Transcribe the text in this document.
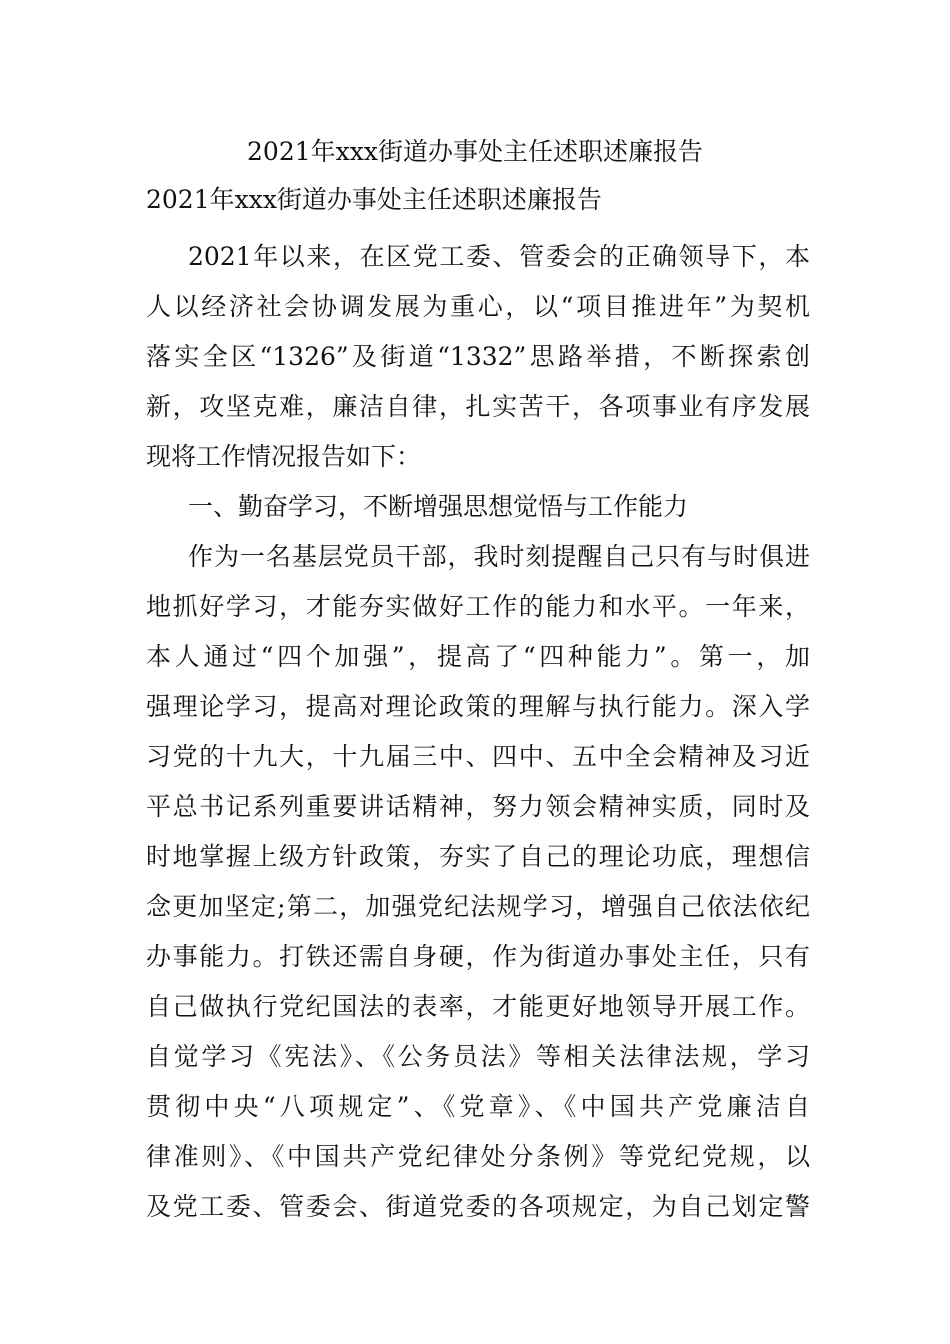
2021年xxx街道办事处主任述职述廉报告
2021年xxx街道办事处主任述职述廉报告
2021年以来，在区党工委、管委会的正确领导下，本
人以经济社会协调发展为重心，以“项目推进年”为契机
落实全区“1326”及街道“1332”思路举措，不断探索创
新，攻坚克难，廉洁自律，扎实苦干，各项事业有序发展
现将工作情况报告如下：
一、勤奋学习，不断增强思想觉悟与工作能力
作为一名基层党员干部，我时刻提醒自己只有与时俱进
地抓好学习，才能夯实做好工作的能力和水平。一年来，
本人通过“四个加强”，提高了“四种能力”。第一，加
强理论学习，提高对理论政策的理解与执行能力。深入学
习党的十九大，十九届三中、四中、五中全会精神及习近
平总书记系列重要讲话精神，努力领会精神实质，同时及
时地掌握上级方针政策，夯实了自己的理论功底，理想信
念更加坚定;第二，加强党纪法规学习，增强自己依法依纪
办事能力。打铁还需自身硬，作为街道办事处主任，只有
自己做执行党纪国法的表率，才能更好地领导开展工作。
自觉学习《宪法》、《公务员法》等相关法律法规，学习
贯彻中央“八项规定”、《党章》、《中国共产党廉洁自
律准则》、《中国共产党纪律处分条例》等党纪党规，以
及党工委、管委会、街道党委的各项规定，为自己划定警
